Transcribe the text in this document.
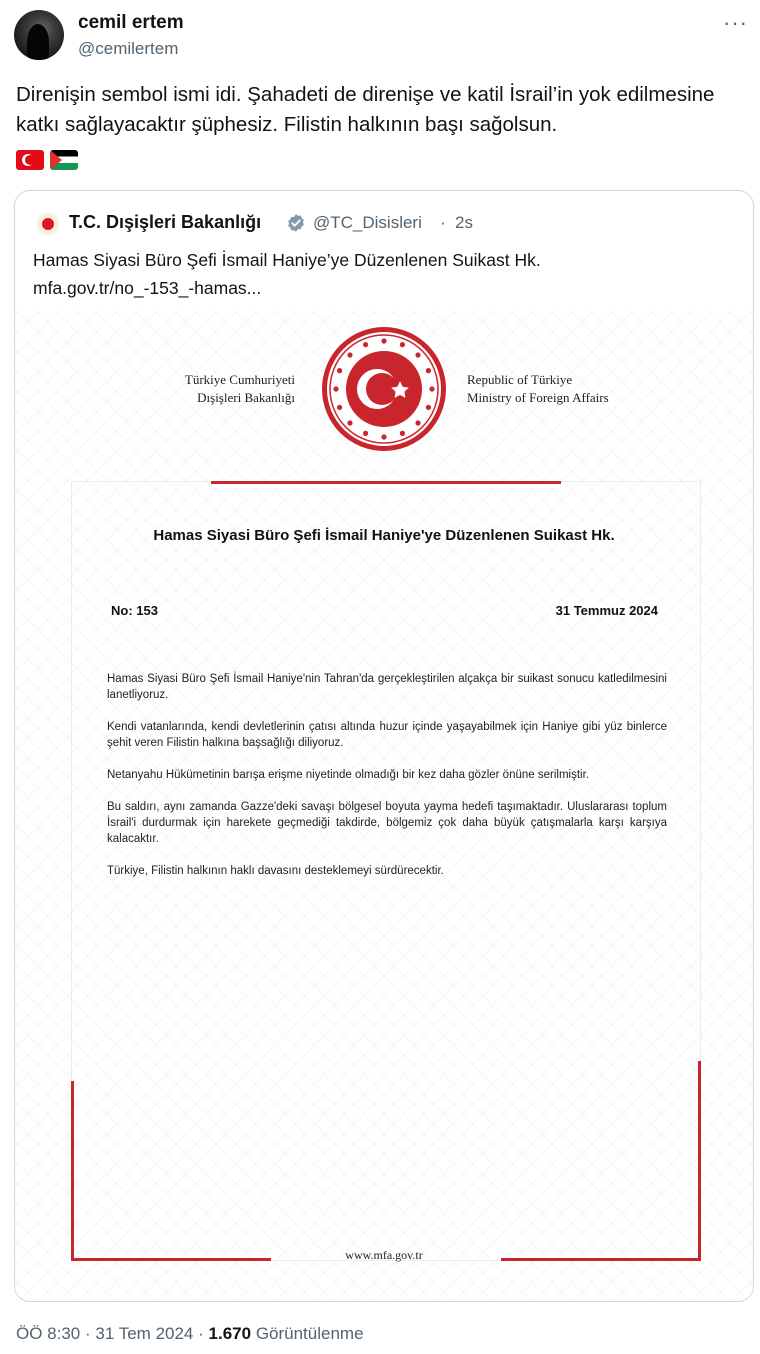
cemil ertem
@cemilertem
···
Direnişin sembol ismi idi. Şahadeti de direnişe ve katil İsrail’in yok edilmesine katkı sağlayacaktır şüphesiz. Filistin halkının başı sağolsun.
T.C. Dışişleri Bakanlığı	@TC_Disisleri · 2s
Hamas Siyasi Büro Şefi İsmail Haniye’ye Düzenlenen Suikast Hk.
mfa.gov.tr/no_-153_-hamas...
Türkiye Cumhuriyeti
Dışişleri Bakanlığı
Republic of Türkiye
Ministry of Foreign Affairs
Hamas Siyasi Büro Şefi İsmail Haniye'ye Düzenlenen Suikast Hk.
No: 153	31 Temmuz 2024

Hamas Siyasi Büro Şefi İsmail Haniye'nin Tahran'da gerçekleştirilen alçakça bir suikast sonucu katledilmesini lanetliyoruz.

Kendi vatanlarında, kendi devletlerinin çatısı altında huzur içinde yaşayabilmek için Haniye gibi yüz binlerce şehit veren Filistin halkına başsağlığı diliyoruz.

Netanyahu Hükümetinin barışa erişme niyetinde olmadığı bir kez daha gözler önüne serilmiştir.

Bu saldırı, aynı zamanda Gazze'deki savaşı bölgesel boyuta yayma hedefi taşımaktadır. Uluslararası toplum İsrail'i durdurmak için harekete geçmediği takdirde, bölgemiz çok daha büyük çatışmalarla karşı karşıya kalacaktır.

Türkiye, Filistin halkının haklı davasını desteklemeyi sürdürecektir.

www.mfa.gov.tr
ÖÖ 8:30 · 31 Tem 2024 · 1.670 Görüntülenme
